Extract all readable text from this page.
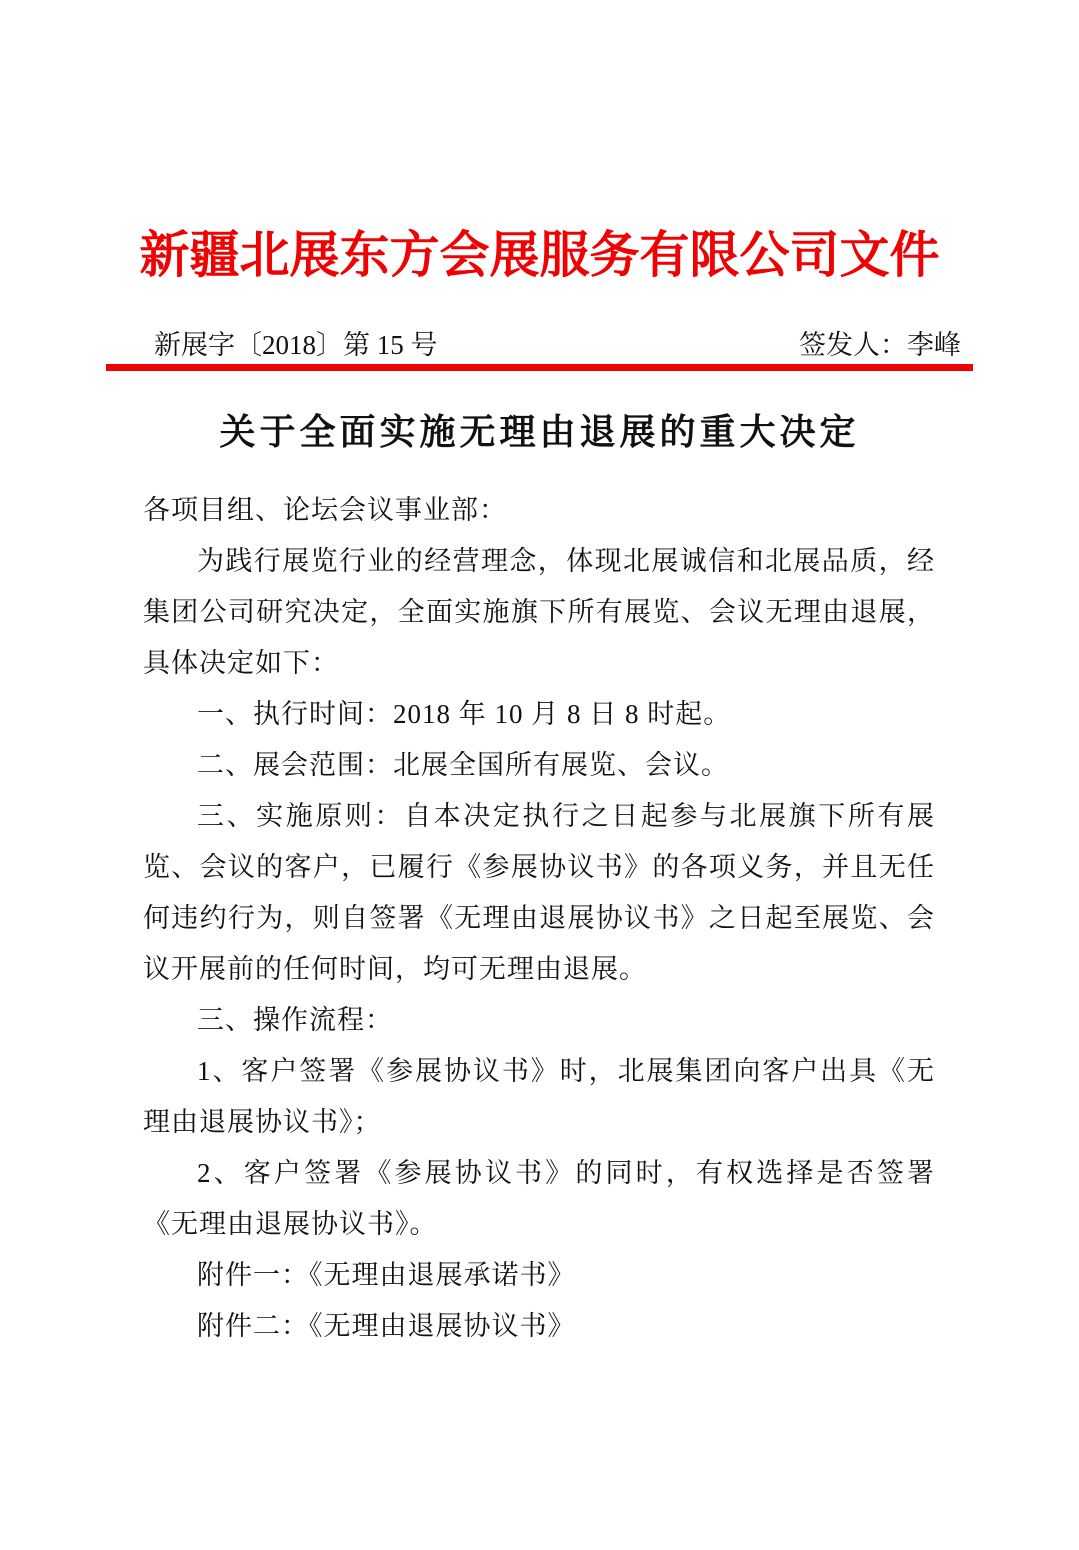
新疆北展东方会展服务有限公司文件
新展字〔2018〕第 15 号	签发人：李峰
关于全面实施无理由退展的重大决定

各项目组、论坛会议事业部：

为践行展览行业的经营理念，体现北展诚信和北展品质，经集团公司研究决定，全面实施旗下所有展览、会议无理由退展，具体决定如下：

一、执行时间：2018 年 10 月 8 日 8 时起。

二、展会范围：北展全国所有展览、会议。

三、实施原则：自本决定执行之日起参与北展旗下所有展览、会议的客户，已履行《参展协议书》的各项义务，并且无任何违约行为，则自签署《无理由退展协议书》之日起至展览、会议开展前的任何时间，均可无理由退展。

三、操作流程：

1、客户签署《参展协议书》时，北展集团向客户出具《无理由退展协议书》；

2、客户签署《参展协议书》的同时，有权选择是否签署《无理由退展协议书》。

附件一：《无理由退展承诺书》

附件二：《无理由退展协议书》
